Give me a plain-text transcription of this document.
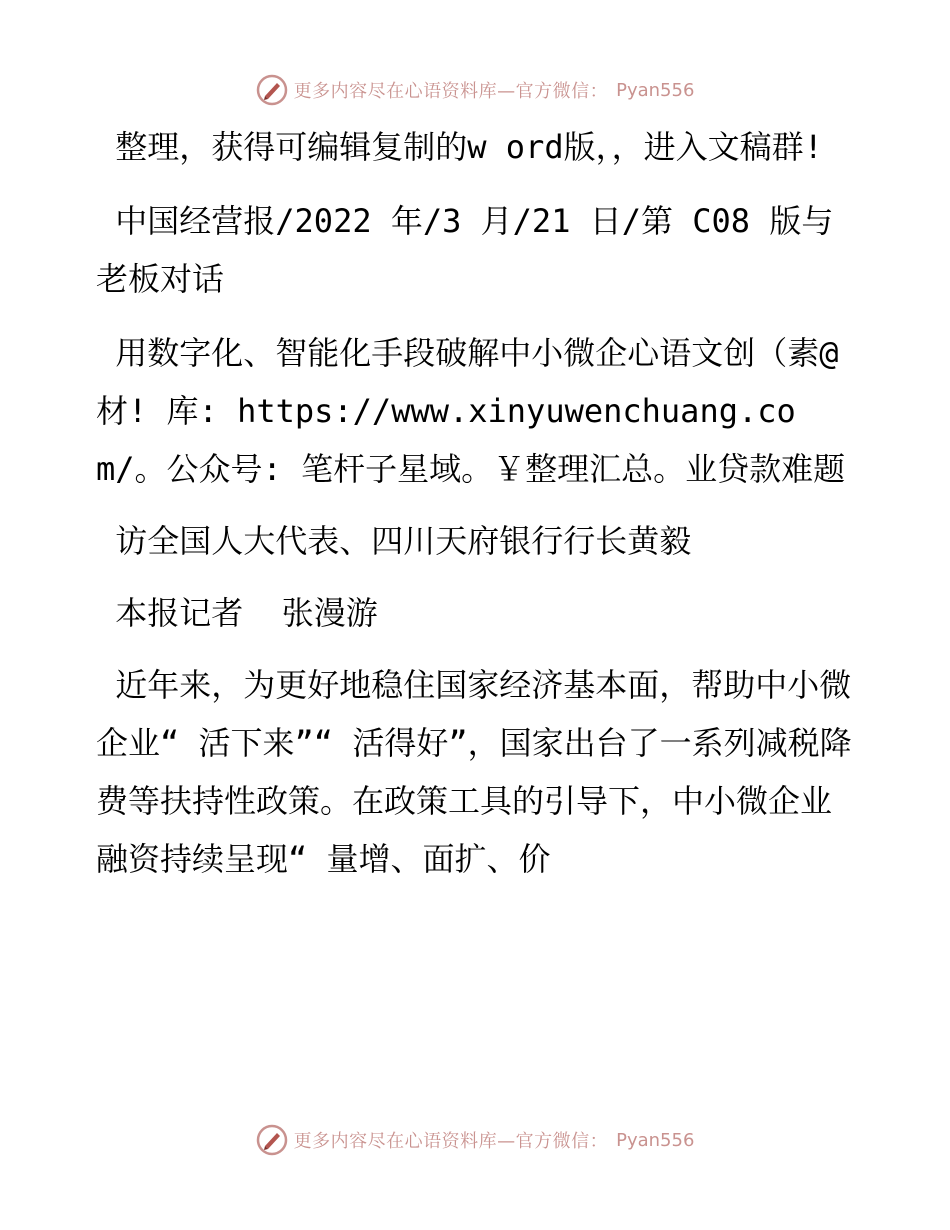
更多内容尽在心语资料库—官方微信： Pyan556

整理，获得可编辑复制的w ord版，，进入文稿群!

中国经营报/2022 年/3 月/21 日/第 C08 版与老板对话

用数字化、智能化手段破解中小微企心语文创（素@材! 库: https://www.xinyuwenchuang.com/。公众号: 笔杆子星域。￥整理汇总。业贷款难题

访全国人大代表、四川天府银行行长黄毅

本报记者  张漫游

近年来，为更好地稳住国家经济基本面，帮助中小微企业“ 活下来”“ 活得好”，国家出台了一系列减税降费等扶持性政策。在政策工具的引导下，中小微企业融资持续呈现“ 量增、面扩、价

更多内容尽在心语资料库—官方微信： Pyan556
